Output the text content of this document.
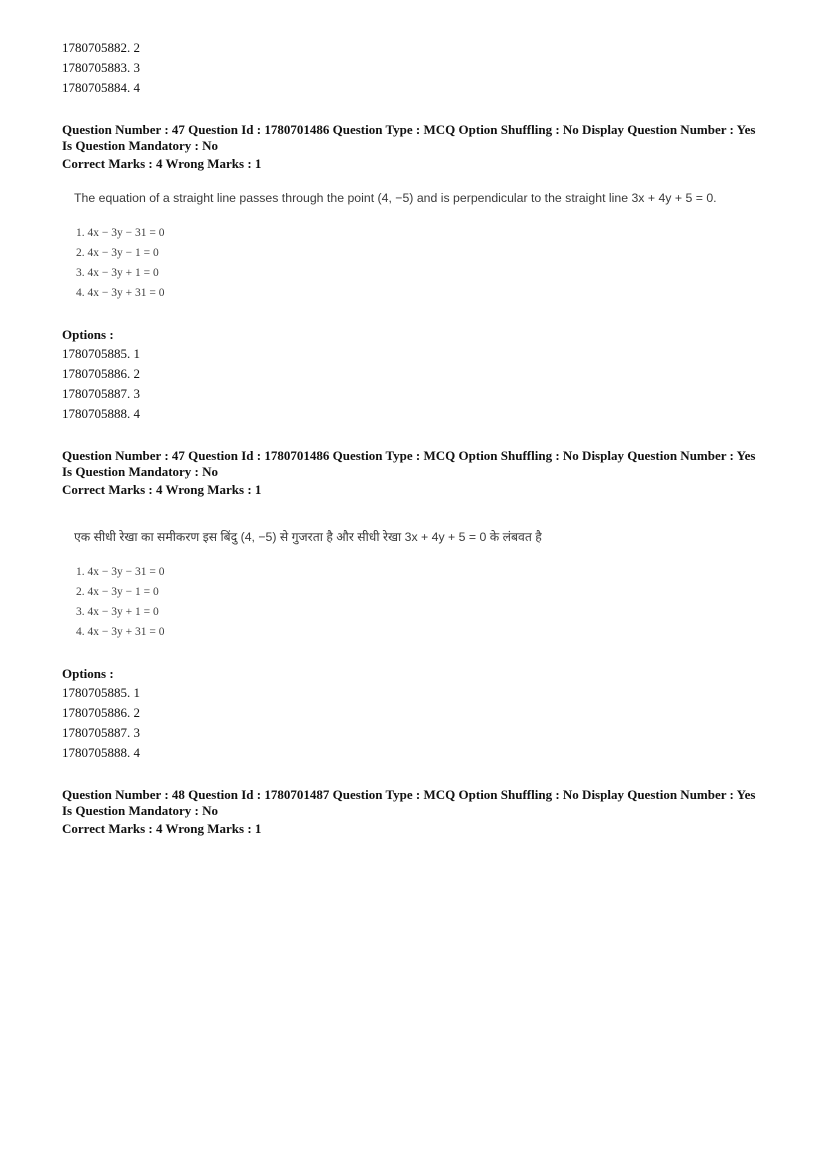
1780705882. 2
1780705883. 3
1780705884. 4
Question Number : 47 Question Id : 1780701486 Question Type : MCQ Option Shuffling : No Display Question Number : Yes
Is Question Mandatory : No
Correct Marks : 4 Wrong Marks : 1
The equation of a straight line passes through the point (4, −5) and is perpendicular to the straight line 3x + 4y + 5 = 0.
1. 4x − 3y − 31 = 0
2. 4x − 3y − 1 = 0
3. 4x − 3y + 1 = 0
4. 4x − 3y + 31 = 0
Options :
1780705885. 1
1780705886. 2
1780705887. 3
1780705888. 4
Question Number : 47 Question Id : 1780701486 Question Type : MCQ Option Shuffling : No Display Question Number : Yes
Is Question Mandatory : No
Correct Marks : 4 Wrong Marks : 1
एक सीधी रेखा का समीकरण इस बिंदु (4, −5) से गुजरता है और सीधी रेखा 3x + 4y + 5 = 0 के लंबवत है
1. 4x − 3y − 31 = 0
2. 4x − 3y − 1 = 0
3. 4x − 3y + 1 = 0
4. 4x − 3y + 31 = 0
Options :
1780705885. 1
1780705886. 2
1780705887. 3
1780705888. 4
Question Number : 48 Question Id : 1780701487 Question Type : MCQ Option Shuffling : No Display Question Number : Yes
Is Question Mandatory : No
Correct Marks : 4 Wrong Marks : 1
